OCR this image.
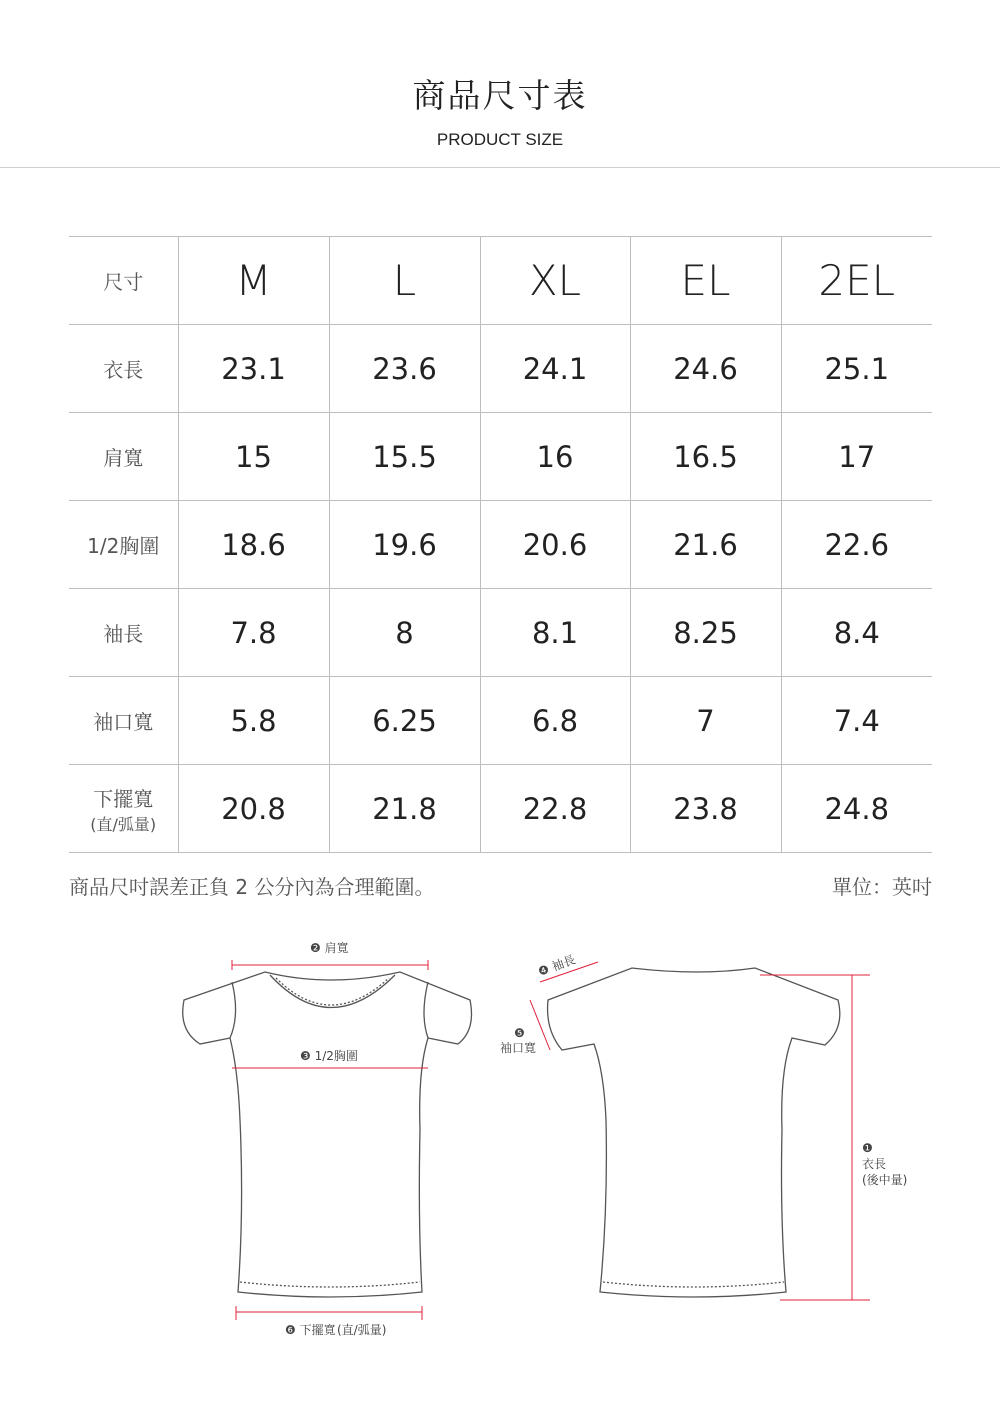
商品尺寸表
PRODUCT SIZE
尺寸	M	L	XL	EL	2EL
衣長	23.1	23.6	24.1	24.6	25.1
肩寬	15	15.5	16	16.5	17
1/2胸圍	18.6	19.6	20.6	21.6	22.6
袖長	7.8	8	8.1	8.25	8.4
袖口寬	5.8	6.25	6.8	7	7.4
下擺寬
(直/弧量)	20.8	21.8	22.8	23.8	24.8
商品尺吋誤差正負 2 公分內為合理範圍。	單位：英吋
❷ 肩寬
❸ 1/2胸圍
❻ 下擺寬 (直/弧量)
❹ 袖長
❺
袖口寬
❶
衣長
(後中量)
